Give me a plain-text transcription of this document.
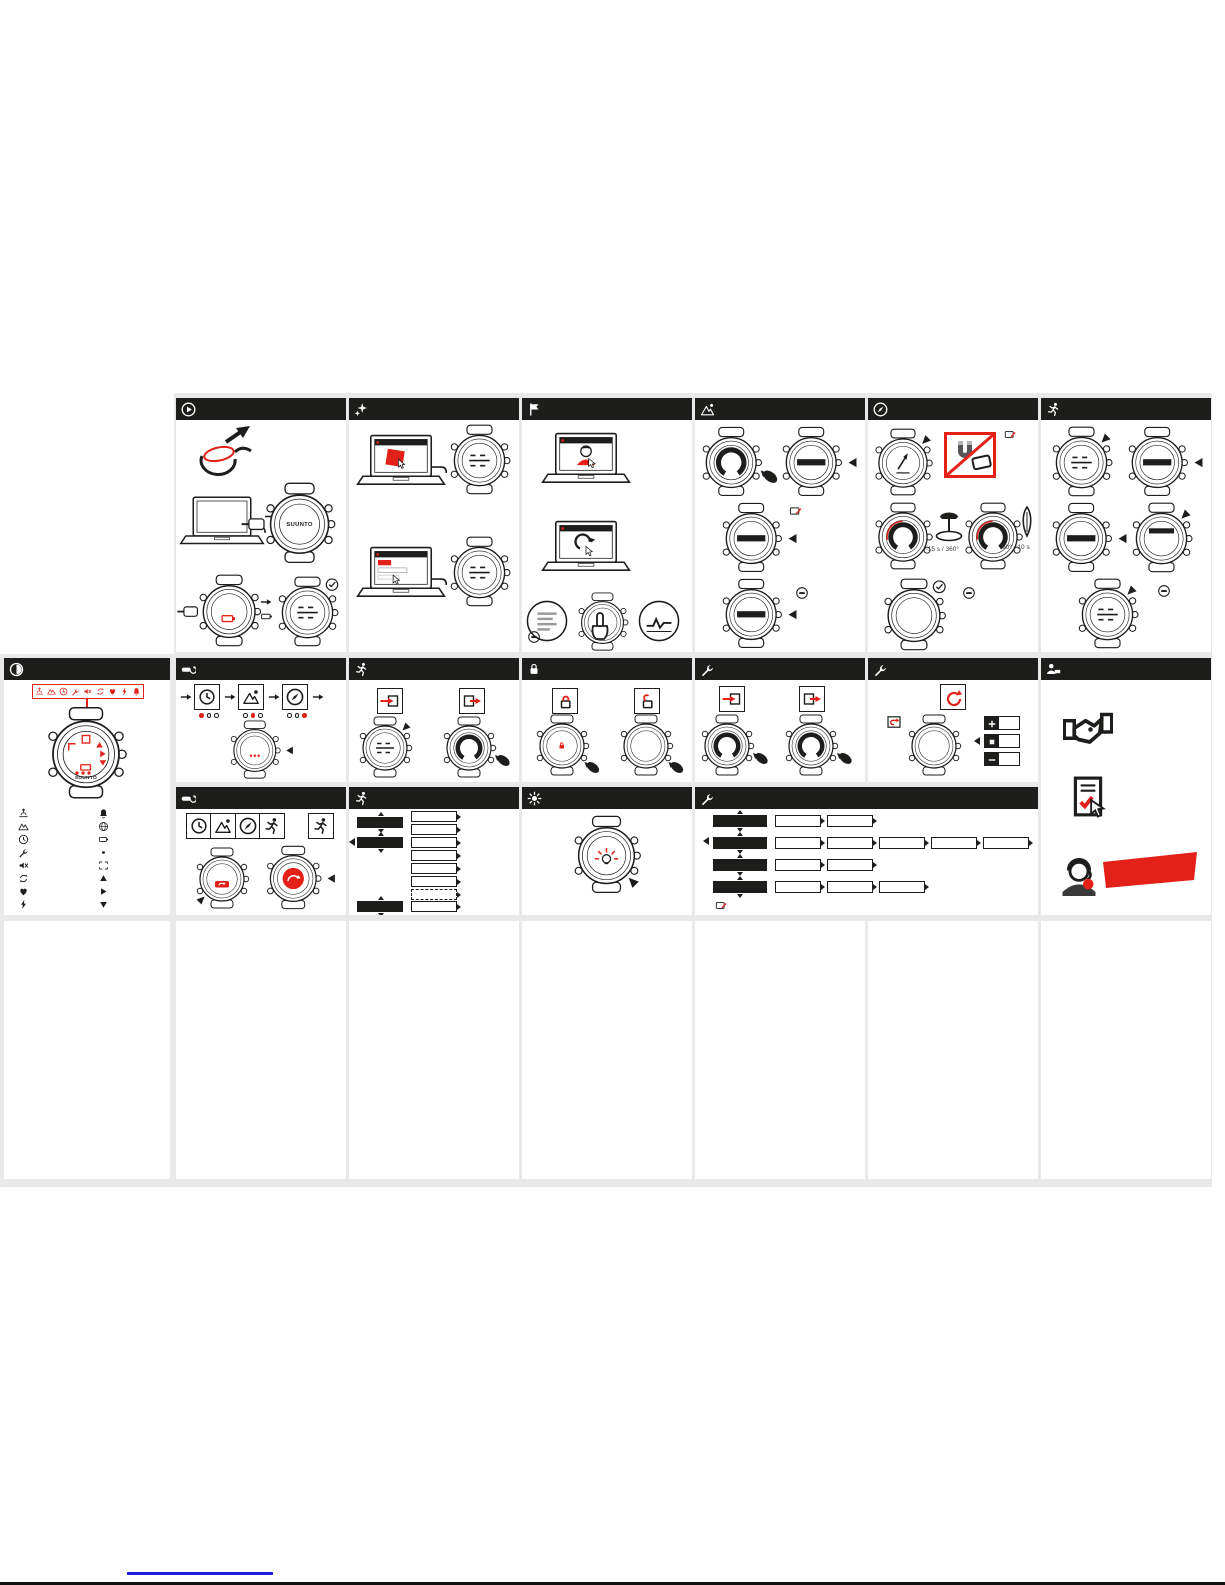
SUUNTO
~15 s / 360°	90° ~10 s
SUUNTO
